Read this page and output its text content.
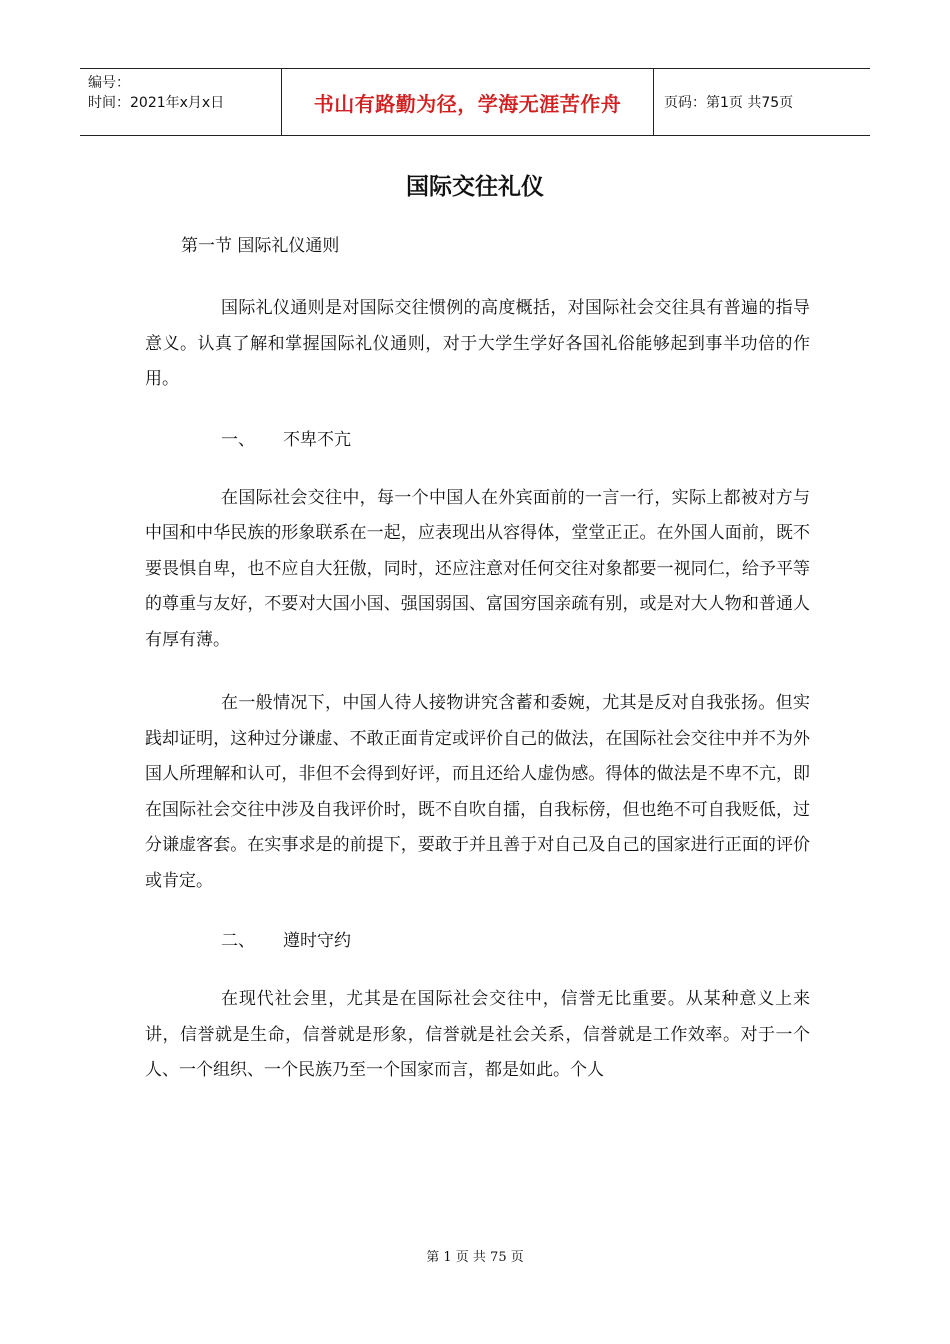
编号：
时间：2021年x月x日	书山有路勤为径，学海无涯苦作舟	页码：第1页 共75页
国际交往礼仪
第一节 国际礼仪通则

国际礼仪通则是对国际交往惯例的高度概括，对国际社会交往具有普遍的指导意义。认真了解和掌握国际礼仪通则，对于大学生学好各国礼俗能够起到事半功倍的作用。

一、 不卑不亢

在国际社会交往中，每一个中国人在外宾面前的一言一行，实际上都被对方与中国和中华民族的形象联系在一起，应表现出从容得体，堂堂正正。在外国人面前，既不要畏惧自卑，也不应自大狂傲，同时，还应注意对任何交往对象都要一视同仁，给予平等的尊重与友好，不要对大国小国、强国弱国、富国穷国亲疏有别，或是对大人物和普通人有厚有薄。

在一般情况下，中国人待人接物讲究含蓄和委婉，尤其是反对自我张扬。但实践却证明，这种过分谦虚、不敢正面肯定或评价自己的做法，在国际社会交往中并不为外国人所理解和认可，非但不会得到好评，而且还给人虚伪感。得体的做法是不卑不亢，即在国际社会交往中涉及自我评价时，既不自吹自擂，自我标傍，但也绝不可自我贬低，过分谦虚客套。在实事求是的前提下，要敢于并且善于对自己及自己的国家进行正面的评价或肯定。

二、 遵时守约

在现代社会里，尤其是在国际社会交往中，信誉无比重要。从某种意义上来讲，信誉就是生命，信誉就是形象，信誉就是社会关系，信誉就是工作效率。对于一个人、一个组织、一个民族乃至一个国家而言，都是如此。个人

第 1 页 共 75 页
